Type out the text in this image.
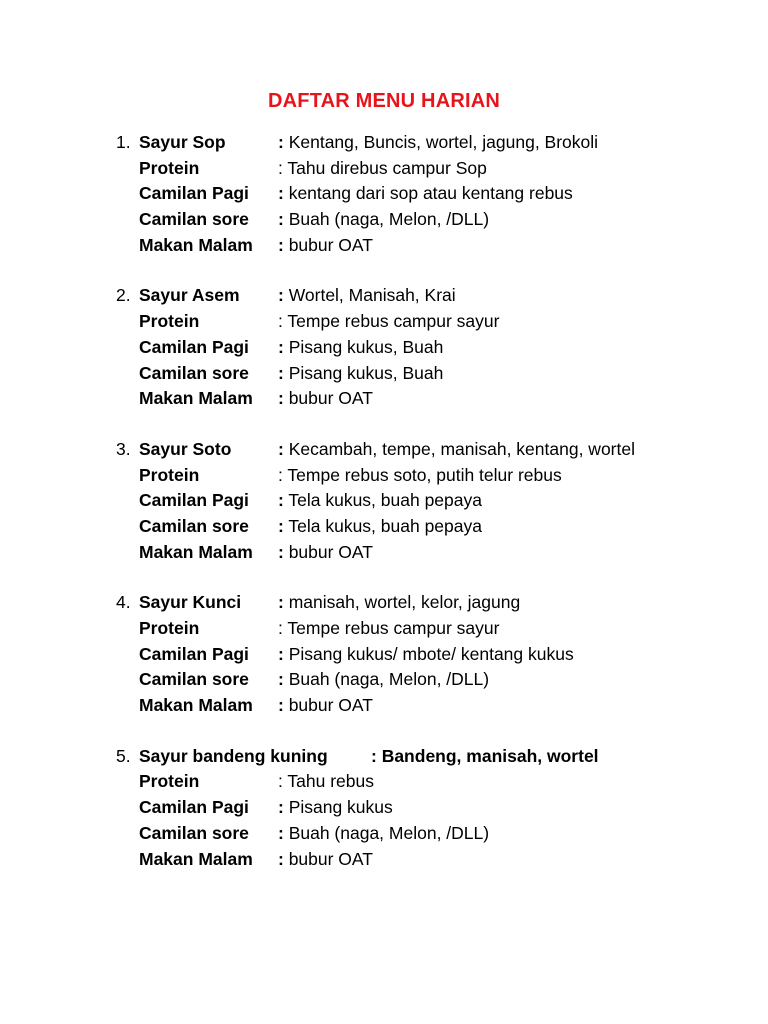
DAFTAR MENU HARIAN
1. Sayur Sop	: Kentang, Buncis, wortel, jagung, Brokoli
Protein	: Tahu direbus campur Sop
Camilan Pagi : kentang dari sop atau kentang rebus
Camilan sore : Buah (naga, Melon, /DLL)
Makan Malam : bubur OAT
2. Sayur Asem : Wortel, Manisah, Krai
Protein	: Tempe rebus campur sayur
Camilan Pagi : Pisang kukus, Buah
Camilan sore : Pisang kukus, Buah
Makan Malam : bubur OAT
3. Sayur Soto	: Kecambah, tempe, manisah, kentang, wortel
Protein	: Tempe rebus soto, putih telur rebus
Camilan Pagi : Tela kukus, buah pepaya
Camilan sore : Tela kukus, buah pepaya
Makan Malam : bubur OAT
4. Sayur Kunci : manisah, wortel, kelor, jagung
Protein	: Tempe rebus campur sayur
Camilan Pagi : Pisang kukus/ mbote/ kentang kukus
Camilan sore : Buah (naga, Melon, /DLL)
Makan Malam : bubur OAT
5. Sayur bandeng kuning : Bandeng, manisah, wortel
Protein	: Tahu rebus
Camilan Pagi : Pisang kukus
Camilan sore : Buah (naga, Melon, /DLL)
Makan Malam : bubur OAT
